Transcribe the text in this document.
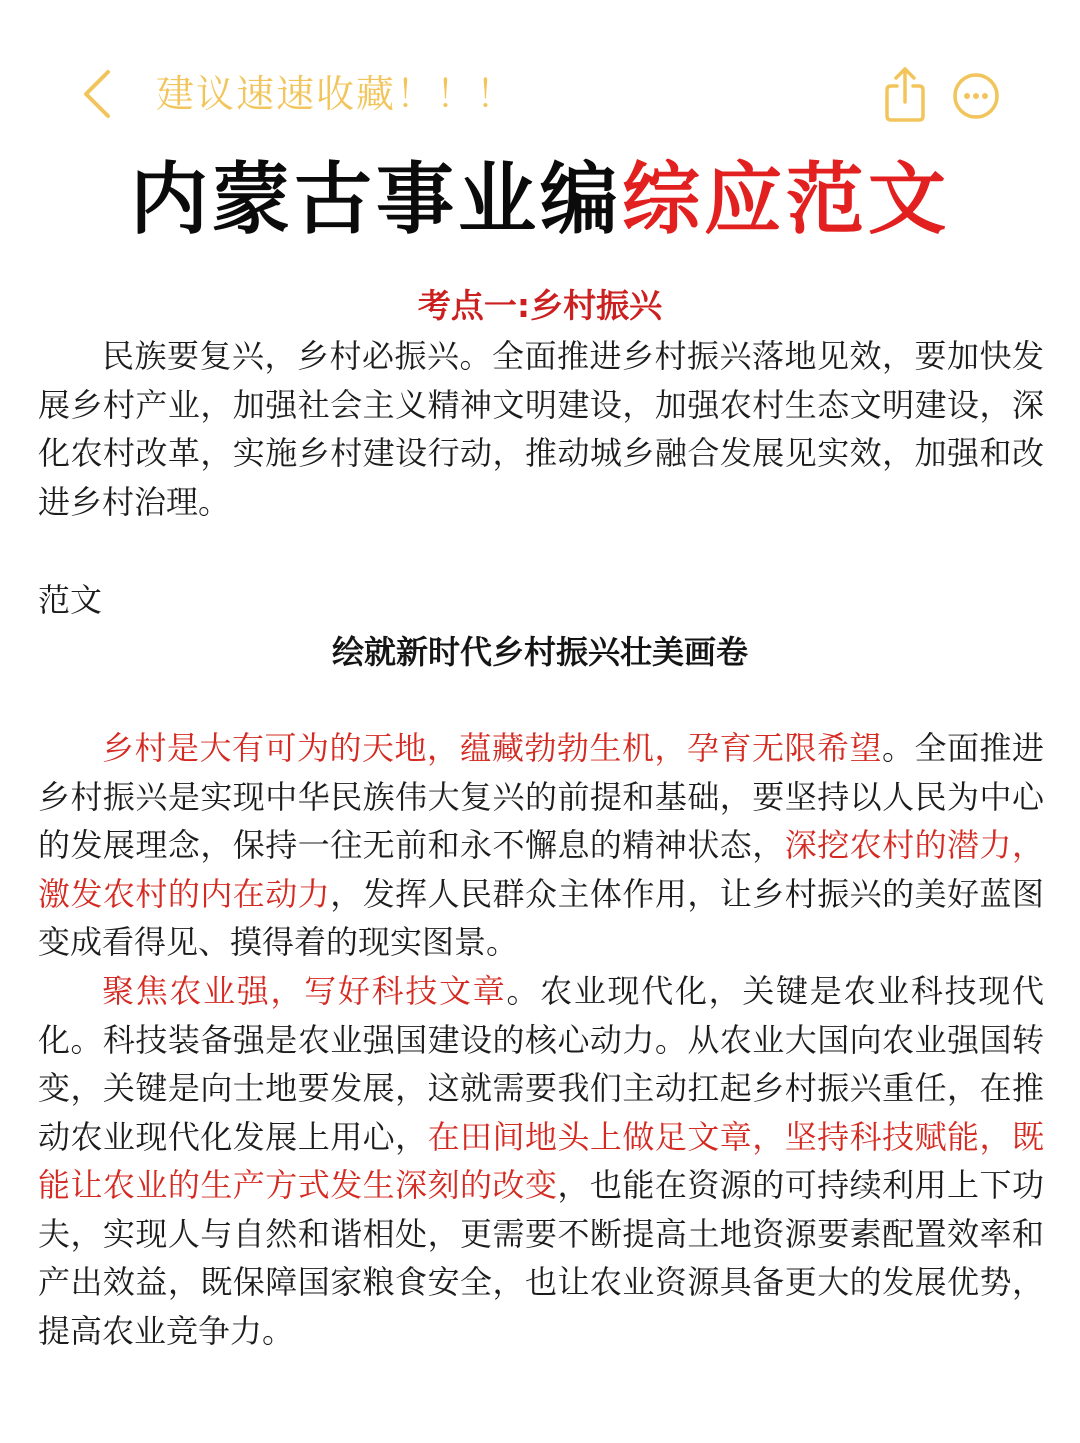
建议速速收藏！！！
内蒙古事业编综应范文
考点一:乡村振兴

民族要复兴，乡村必振兴。全面推进乡村振兴落地见效，要加快发展乡村产业，加强社会主义精神文明建设，加强农村生态文明建设，深化农村改革，实施乡村建设行动，推动城乡融合发展见实效，加强和改进乡村治理。

范文
绘就新时代乡村振兴壮美画卷

乡村是大有可为的天地，蕴藏勃勃生机，孕育无限希望。全面推进乡村振兴是实现中华民族伟大复兴的前提和基础，要坚持以人民为中心的发展理念，保持一往无前和永不懈息的精神状态，深挖农村的潜力，激发农村的内在动力，发挥人民群众主体作用，让乡村振兴的美好蓝图变成看得见、摸得着的现实图景。

聚焦农业强，写好科技文章。农业现代化，关键是农业科技现代化。科技装备强是农业强国建设的核心动力。从农业大国向农业强国转变，关键是向士地要发展，这就需要我们主动扛起乡村振兴重任，在推动农业现代化发展上用心，在田间地头上做足文章，坚持科技赋能，既能让农业的生产方式发生深刻的改变，也能在资源的可持续利用上下功夫，实现人与自然和谐相处，更需要不断提高土地资源要素配置效率和产出效益，既保障国家粮食安全，也让农业资源具备更大的发展优势，提高农业竞争力。
